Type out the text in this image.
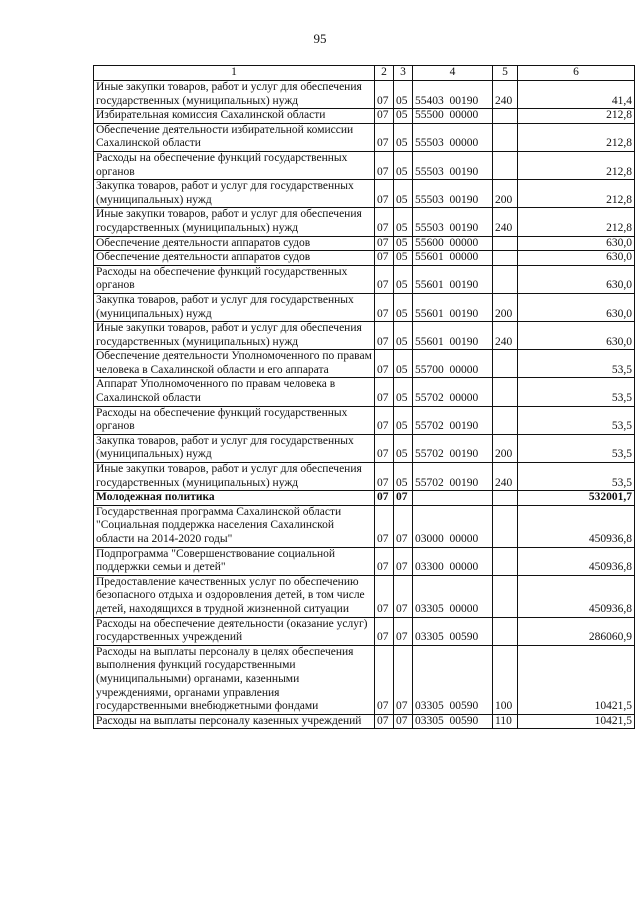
95
1	2	3	4	5	6
Иные закупки товаров, работ и услуг для обеспечения государственных (муниципальных) нужд	07	05	55403  00190	240	41,4
Избирательная комиссия Сахалинской области	07	05	55500  00000		212,8
Обеспечение деятельности избирательной комиссии Сахалинской области	07	05	55503  00000		212,8
Расходы на обеспечение функций государственных органов	07	05	55503  00190		212,8
Закупка товаров, работ и услуг для государственных (муниципальных) нужд	07	05	55503  00190	200	212,8
Иные закупки товаров, работ и услуг для обеспечения государственных (муниципальных) нужд	07	05	55503  00190	240	212,8
Обеспечение деятельности аппаратов судов	07	05	55600  00000		630,0
Обеспечение деятельности аппаратов судов	07	05	55601  00000		630,0
Расходы на обеспечение функций государственных органов	07	05	55601  00190		630,0
Закупка товаров, работ и услуг для государственных (муниципальных) нужд	07	05	55601  00190	200	630,0
Иные закупки товаров, работ и услуг для обеспечения государственных (муниципальных) нужд	07	05	55601  00190	240	630,0
Обеспечение деятельности Уполномоченного по правам человека в Сахалинской области и его аппарата	07	05	55700  00000		53,5
Аппарат Уполномоченного по правам человека в Сахалинской области	07	05	55702  00000		53,5
Расходы на обеспечение функций государственных органов	07	05	55702  00190		53,5
Закупка товаров, работ и услуг для государственных (муниципальных) нужд	07	05	55702  00190	200	53,5
Иные закупки товаров, работ и услуг для обеспечения государственных (муниципальных) нужд	07	05	55702  00190	240	53,5
Молодежная политика	07	07			532001,7
Государственная программа Сахалинской области "Социальная поддержка населения Сахалинской области на 2014-2020 годы"	07	07	03000  00000		450936,8
Подпрограмма "Совершенствование социальной поддержки семьи и детей"	07	07	03300  00000		450936,8
Предоставление качественных услуг по обеспечению безопасного отдыха и оздоровления детей, в том числе детей, находящихся в трудной жизненной ситуации	07	07	03305  00000		450936,8
Расходы на обеспечение деятельности (оказание услуг) государственных учреждений	07	07	03305  00590		286060,9
Расходы на выплаты персоналу в целях обеспечения выполнения функций государственными (муниципальными) органами, казенными учреждениями, органами управления государственными внебюджетными фондами	07	07	03305  00590	100	10421,5
Расходы на выплаты персоналу казенных учреждений	07	07	03305  00590	110	10421,5
